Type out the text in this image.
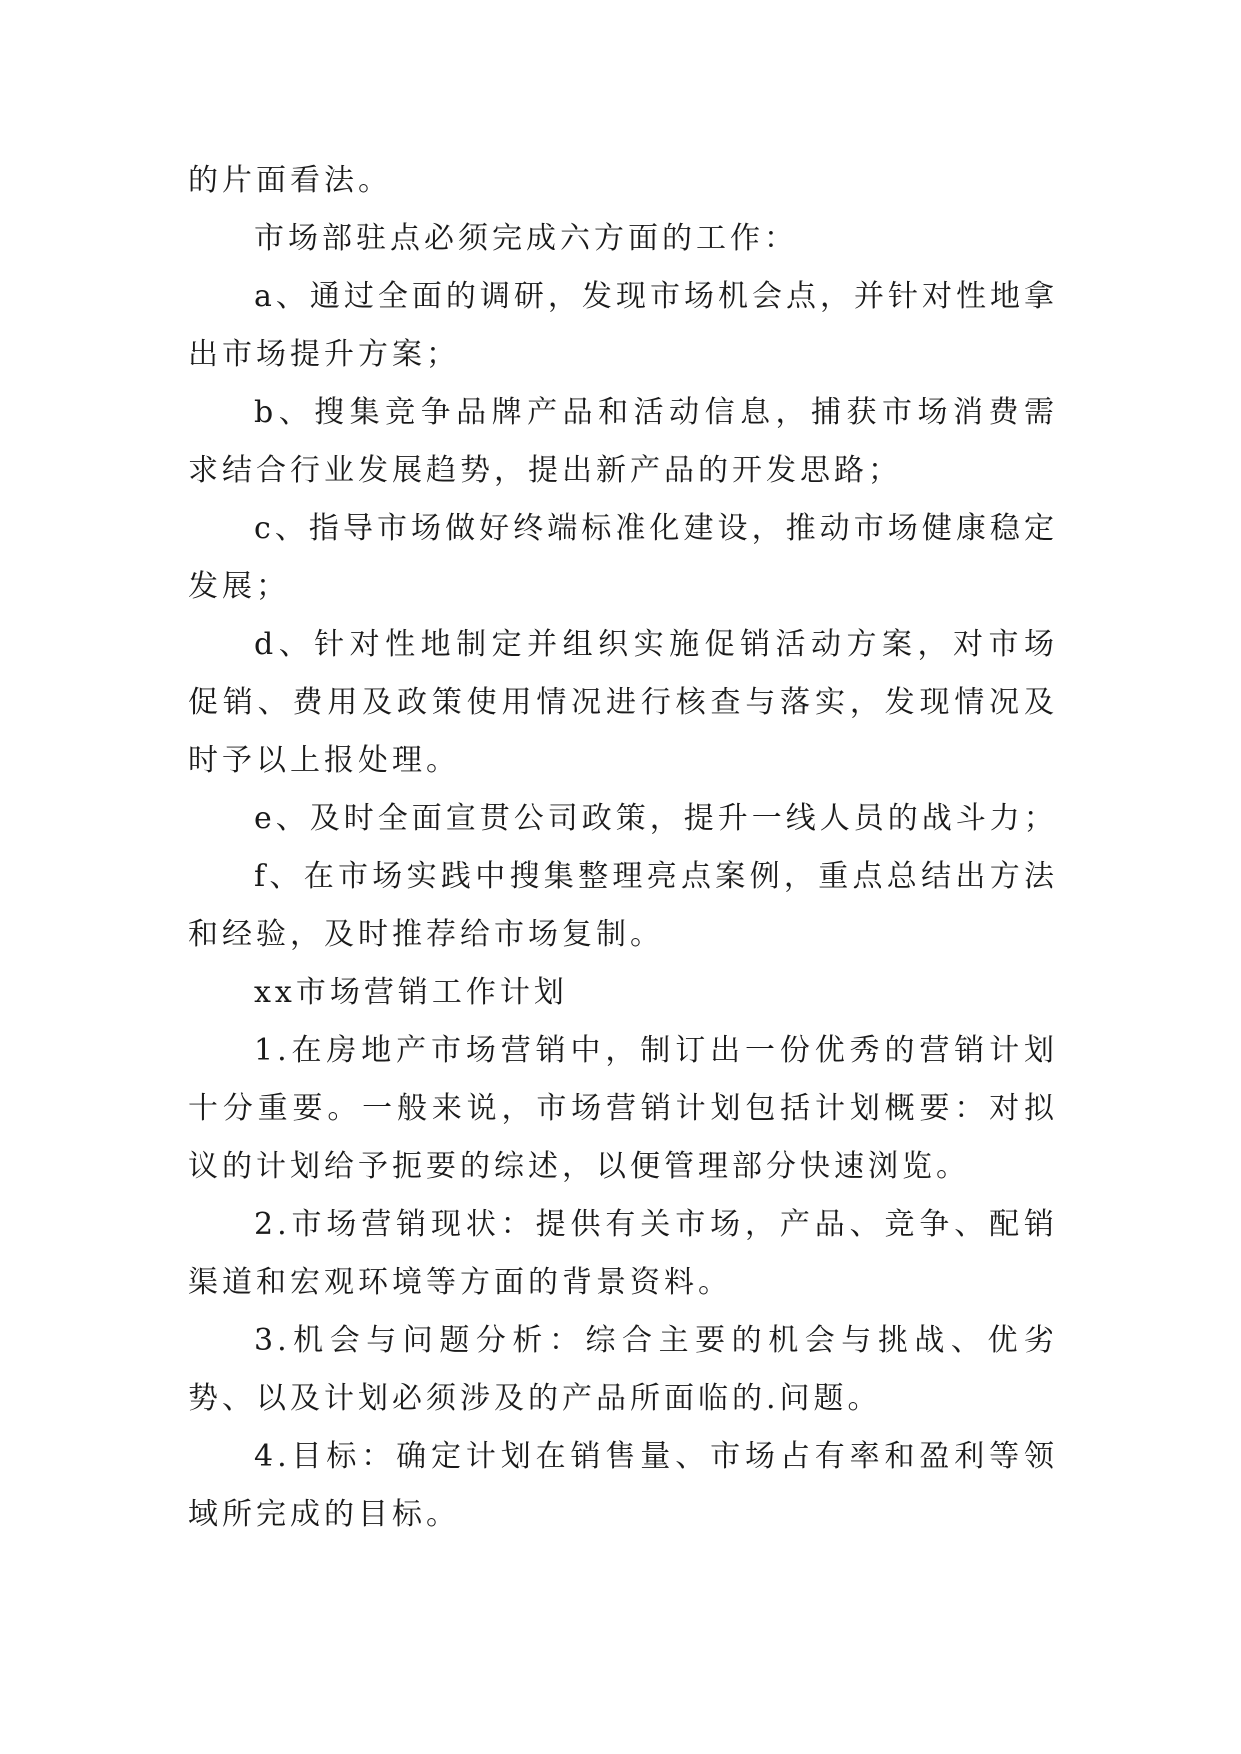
的片面看法。

市场部驻点必须完成六方面的工作：

a、通过全面的调研，发现市场机会点，并针对性地拿出市场提升方案；

b、搜集竞争品牌产品和活动信息，捕获市场消费需求结合行业发展趋势，提出新产品的开发思路；

c、指导市场做好终端标准化建设，推动市场健康稳定发展；

d、针对性地制定并组织实施促销活动方案，对市场促销、费用及政策使用情况进行核查与落实，发现情况及时予以上报处理。

e、及时全面宣贯公司政策，提升一线人员的战斗力；

f、在市场实践中搜集整理亮点案例，重点总结出方法和经验，及时推荐给市场复制。

xx市场营销工作计划

1.在房地产市场营销中，制订出一份优秀的营销计划十分重要。一般来说，市场营销计划包括计划概要：对拟议的计划给予扼要的综述，以便管理部分快速浏览。

2.市场营销现状：提供有关市场，产品、竞争、配销渠道和宏观环境等方面的背景资料。

3.机会与问题分析：综合主要的机会与挑战、优劣势、以及计划必须涉及的产品所面临的.问题。

4.目标：确定计划在销售量、市场占有率和盈利等领域所完成的目标。
